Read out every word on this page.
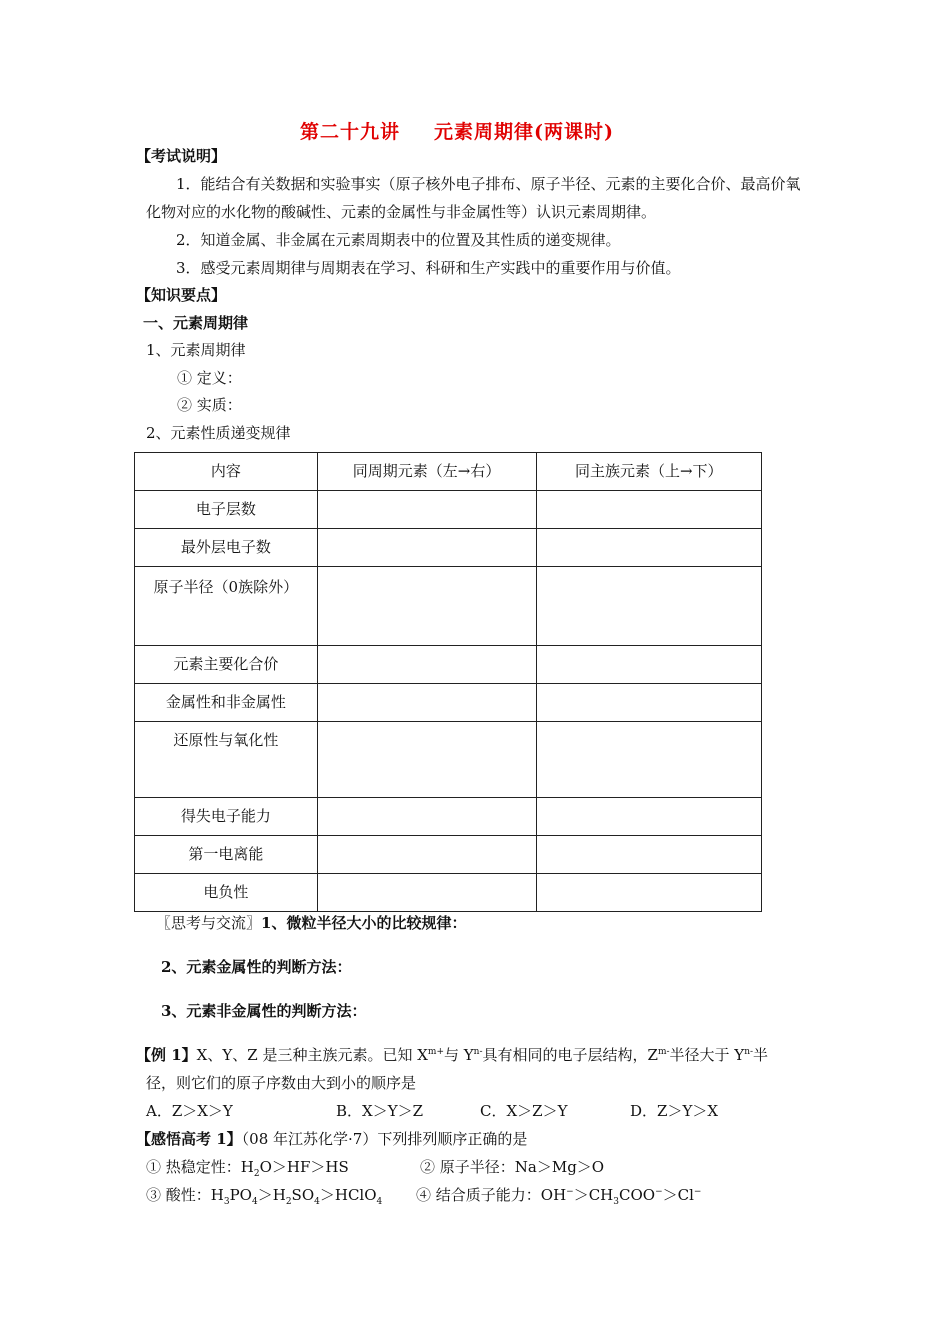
第二十九讲 元素周期律(两课时)
【考试说明】
1．能结合有关数据和实验事实（原子核外电子排布、原子半径、元素的主要化合价、最高价氧化物对应的水化物的酸碱性、元素的金属性与非金属性等）认识元素周期律。
2．知道金属、非金属在元素周期表中的位置及其性质的递变规律。
3．感受元素周期律与周期表在学习、科研和生产实践中的重要作用与价值。
【知识要点】
一、元素周期律
1、元素周期律
① 定义：
② 实质：
2、元素性质递变规律
内容	同周期元素（左→右）	同主族元素（上→下）
电子层数		
最外层电子数		
原子半径（0族除外）		
元素主要化合价		
金属性和非金属性		
还原性与氧化性		
得失电子能力		
第一电离能		
电负性		
〖思考与交流〗1、微粒半径大小的比较规律：
2、元素金属性的判断方法：
3、元素非金属性的判断方法：
【例 1】X、Y、Z 是三种主族元素。已知 $X^{m+}$与 $Y^{n-}$具有相同的电子层结构，$Z^{m-}$半径大于 $Y^{n-}$半
径，则它们的原子序数由大到小的顺序是
A．Z＞X＞Y	B．X＞Y＞Z	C．X＞Z＞Y	D．Z＞Y＞X
【感悟高考 1】（08 年江苏化学·7）下列排列顺序正确的是
① 热稳定性：$H_2O>HF>HS$	② 原子半径：Na＞Mg＞O
③ 酸性：$H_3PO_4>H_2SO_4>HClO_4$ ④ 结合质子能力：$OH^->CH_3COO^->Cl^-$
